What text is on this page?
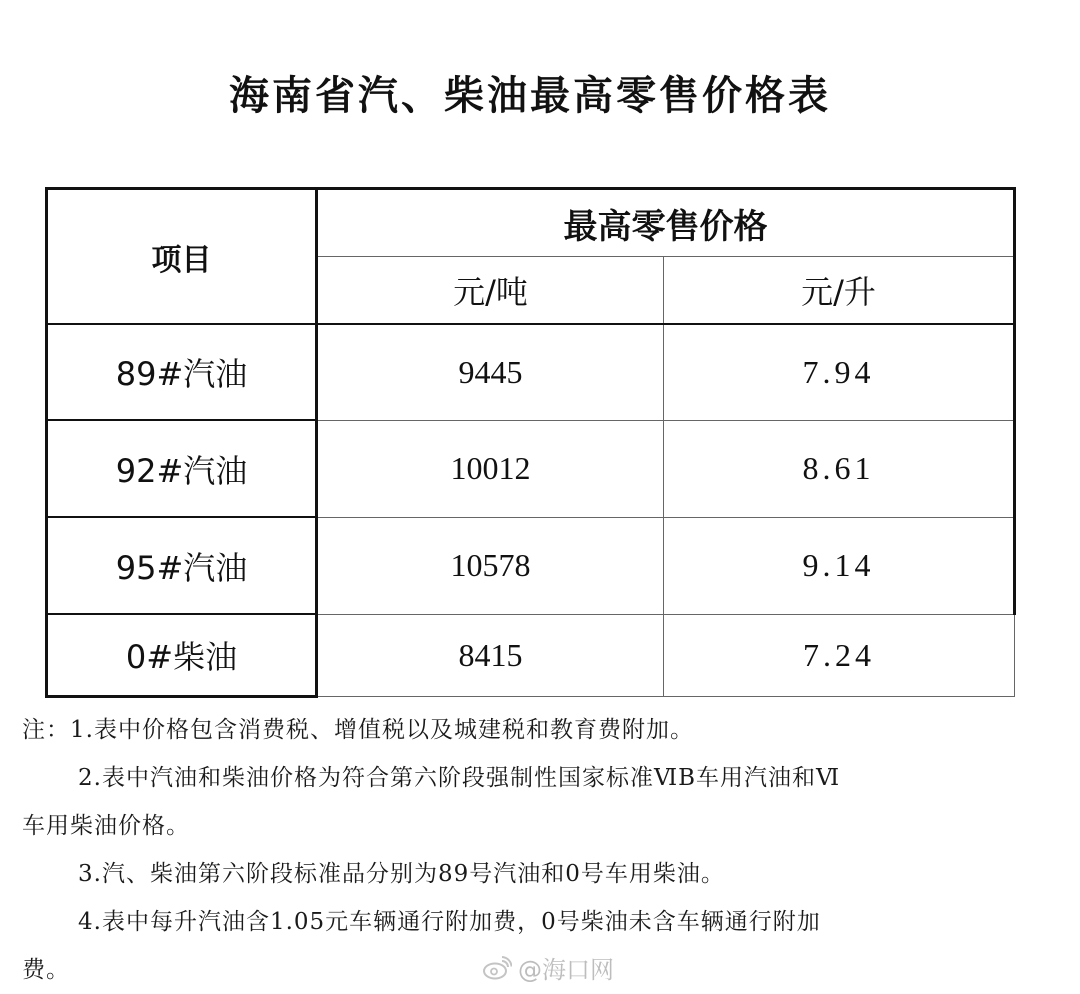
海南省汽、柴油最高零售价格表
项目	最高零售价格	
	元/吨	元/升
89#汽油	9445	7.94
92#汽油	10012	8.61
95#汽油	10578	9.14
0#柴油	8415	7.24

注：1.表中价格包含消费税、增值税以及城建税和教育费附加。

2.表中汽油和柴油价格为符合第六阶段强制性国家标准ⅥB车用汽油和Ⅵ

车用柴油价格。

3.汽、柴油第六阶段标准品分别为89号汽油和0号车用柴油。

4.表中每升汽油含1.05元车辆通行附加费，0号柴油未含车辆通行附加

费。	@海口网
